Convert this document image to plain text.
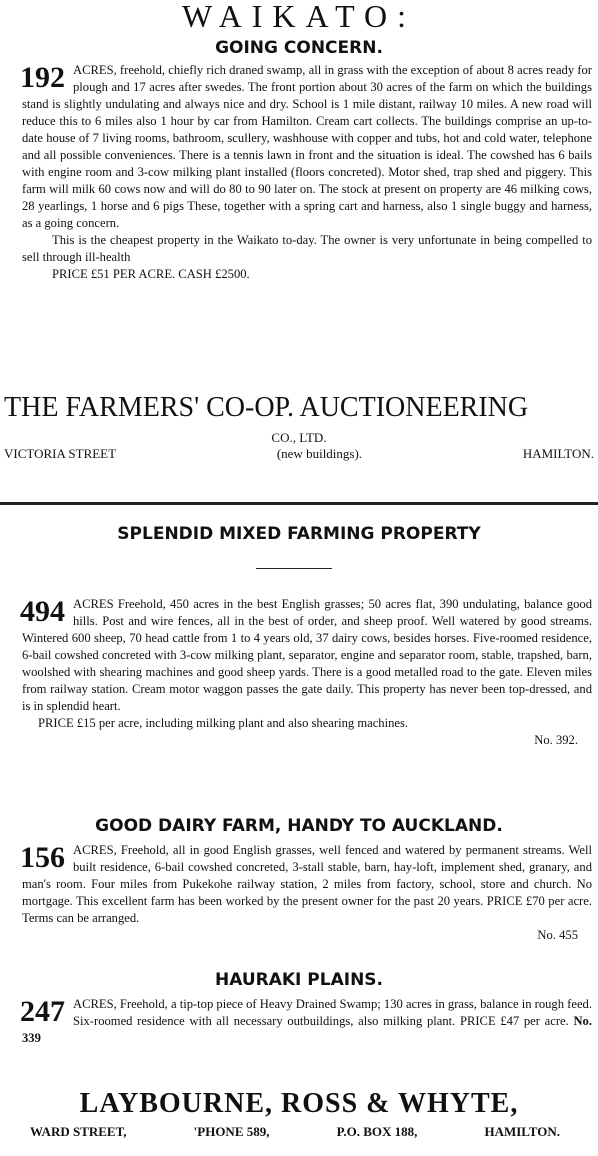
WAIKATO:
GOING CONCERN.
192 ACRES, freehold, chiefly rich draned swamp, all in grass with the exception of about 8 acres ready for plough and 17 acres after swedes. The front portion about 30 acres of the farm on which the buildings stand is slightly undulating and always nice and dry. School is 1 mile distant, railway 10 miles. A new road will reduce this to 6 miles also 1 hour by car from Hamilton. Cream cart collects. The buildings comprise an up-to-date house of 7 living rooms, bathroom, scullery, washhouse with copper and tubs, hot and cold water, telephone and all possible conveniences. There is a tennis lawn in front and the situation is ideal. The cowshed has 6 bails with engine room and 3-cow milking plant installed (floors concreted). Motor shed, trap shed and piggery. This farm will milk 60 cows now and will do 80 to 90 later on. The stock at present on property are 46 milking cows, 28 yearlings, 1 horse and 6 pigs These, together with a spring cart and harness, also 1 single buggy and harness, as a going concern.
This is the cheapest property in the Waikato to-day. The owner is very unfortunate in being compelled to sell through ill-health
PRICE £51 PER ACRE. CASH £2500.
THE FARMERS' CO-OP. AUCTIONEERING
CO., LTD.
VICTORIA STREET	(new buildings).	HAMILTON.
SPLENDID MIXED FARMING PROPERTY
494 ACRES Freehold, 450 acres in the best English grasses; 50 acres flat, 390 undulating, balance good hills. Post and wire fences, all in the best of order, and sheep proof. Well watered by good streams. Wintered 600 sheep, 70 head cattle from 1 to 4 years old, 37 dairy cows, besides horses. Five-roomed residence, 6-bail cowshed concreted with 3-cow milking plant, separator, engine and separator room, stable, trapshed, barn, woolshed with shearing machines and good sheep yards. There is a good metalled road to the gate. Eleven miles from railway station. Cream motor waggon passes the gate daily. This property has never been top-dressed, and is in splendid heart.
PRICE £15 per acre, including milking plant and also shearing machines.
No. 392.
GOOD DAIRY FARM, HANDY TO AUCKLAND.
156 ACRES, Freehold, all in good English grasses, well fenced and watered by permanent streams. Well built residence, 6-bail cowshed concreted, 3-stall stable, barn, hay-loft, implement shed, granary, and man's room. Four miles from Pukekohe railway station, 2 miles from factory, school, store and church. No mortgage. This excellent farm has been worked by the present owner for the past 20 years. PRICE £70 per acre. Terms can be arranged.
No. 455
HAURAKI PLAINS.
247 ACRES, Freehold, a tip-top piece of Heavy Drained Swamp; 130 acres in grass, balance in rough feed. Six-roomed residence with all necessary outbuildings, also milking plant. PRICE £47 per acre. No. 339
LAYBOURNE, ROSS & WHYTE,
WARD STREET,	'PHONE 589,	P.O. BOX 188,	HAMILTON.
